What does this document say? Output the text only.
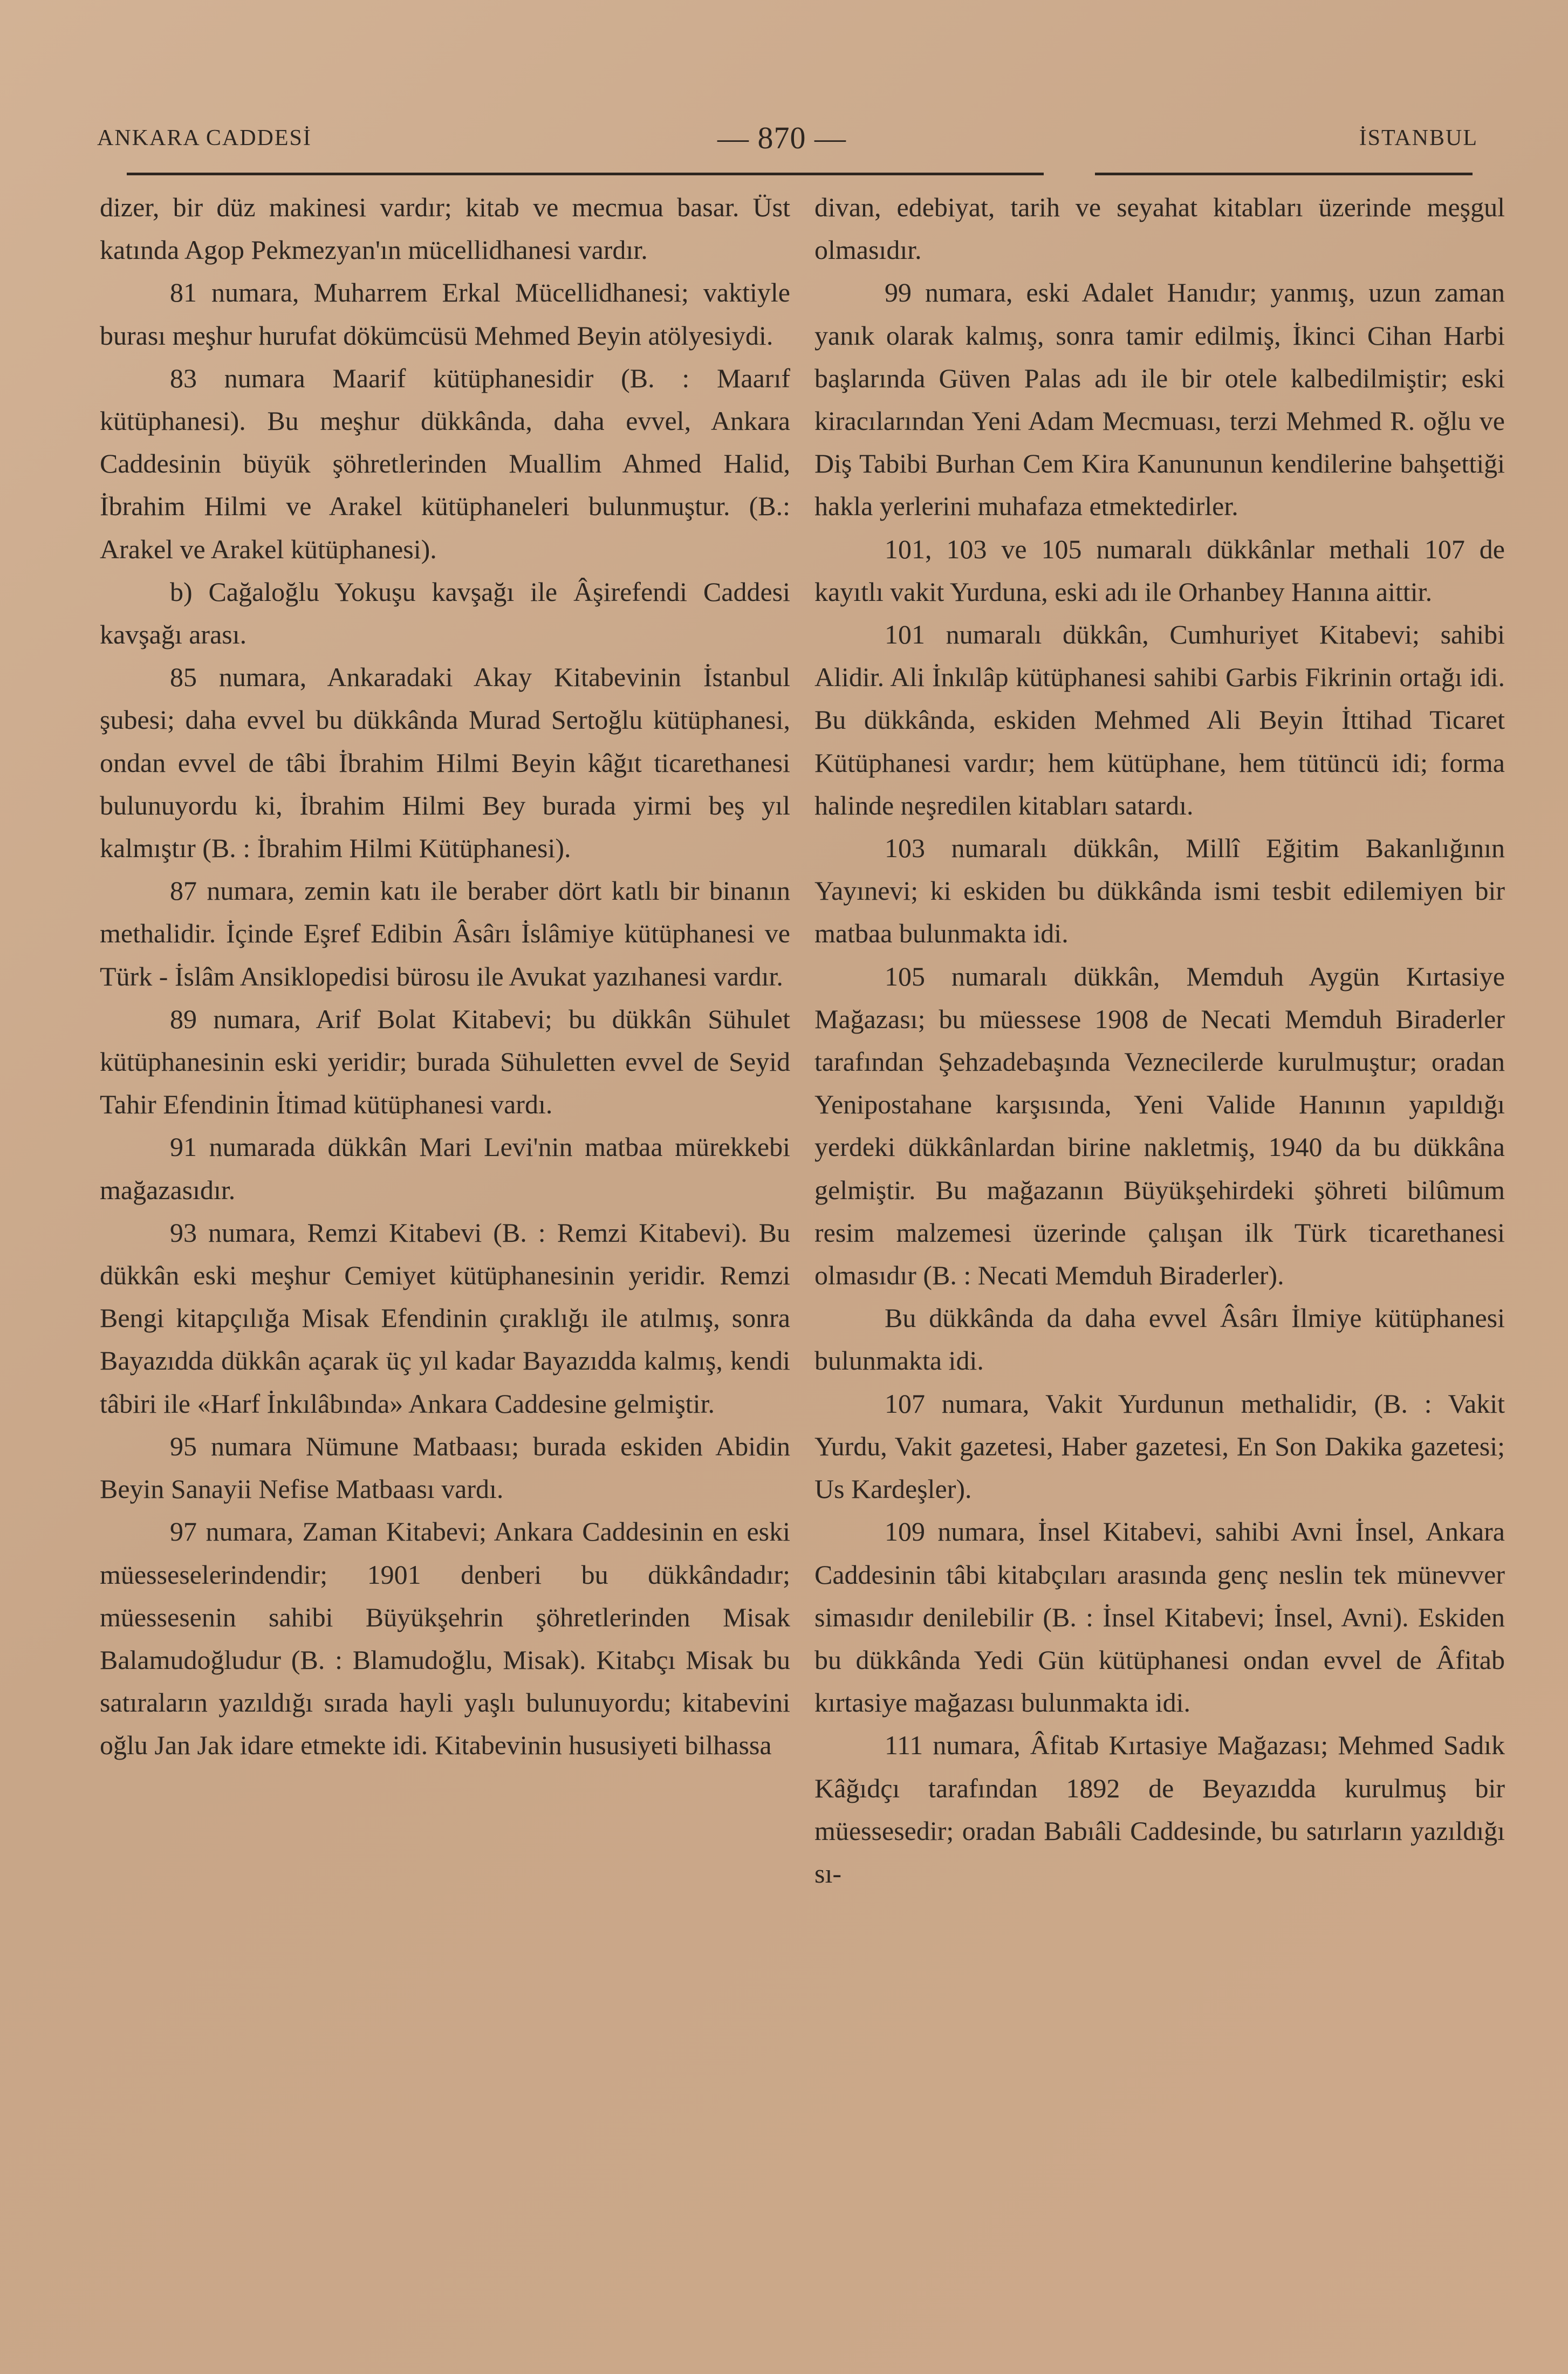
ANKARA CADDESİ	— 870 —	İSTANBUL

dizer, bir düz makinesi vardır; kitab ve mecmua basar. Üst katında Agop Pekmezyan'ın mücellidhanesi vardır.

81 numara, Muharrem Erkal Mücellidhanesi; vaktiyle burası meşhur hurufat dökümcüsü Mehmed Beyin atölyesiydi.

83 numara Maarif kütüphanesidir (B. : Maarıf kütüphanesi). Bu meşhur dükkânda, daha evvel, Ankara Caddesinin büyük şöhretlerinden Muallim Ahmed Halid, İbrahim Hilmi ve Arakel kütüphaneleri bulunmuştur. (B.: Arakel ve Arakel kütüphanesi).

b) Cağaloğlu Yokuşu kavşağı ile Âşirefendi Caddesi kavşağı arası.

85 numara, Ankaradaki Akay Kitabevinin İstanbul şubesi; daha evvel bu dükkânda Murad Sertoğlu kütüphanesi, ondan evvel de tâbi İbrahim Hilmi Beyin kâğıt ticarethanesi bulunuyordu ki, İbrahim Hilmi Bey burada yirmi beş yıl kalmıştır (B. : İbrahim Hilmi Kütüphanesi).

87 numara, zemin katı ile beraber dört katlı bir binanın methalidir. İçinde Eşref Edibin Âsârı İslâmiye kütüphanesi ve Türk - İslâm Ansiklopedisi bürosu ile Avukat yazıhanesi vardır.

89 numara, Arif Bolat Kitabevi; bu dükkân Sühulet kütüphanesinin eski yeridir; burada Sühuletten evvel de Seyid Tahir Efendinin İtimad kütüphanesi vardı.

91 numarada dükkân Mari Levi'nin matbaa mürekkebi mağazasıdır.

93 numara, Remzi Kitabevi (B. : Remzi Kitabevi). Bu dükkân eski meşhur Cemiyet kütüphanesinin yeridir. Remzi Bengi kitapçılığa Misak Efendinin çıraklığı ile atılmış, sonra Bayazıdda dükkân açarak üç yıl kadar Bayazıdda kalmış, kendi tâbiri ile «Harf İnkılâbında» Ankara Caddesine gelmiştir.

95 numara Nümune Matbaası; burada eskiden Abidin Beyin Sanayii Nefise Matbaası vardı.

97 numara, Zaman Kitabevi; Ankara Caddesinin en eski müesseselerindendir; 1901 denberi bu dükkândadır; müessesenin sahibi Büyükşehrin şöhretlerinden Misak Balamudoğludur (B. : Blamudoğlu, Misak). Kitabçı Misak bu satıraların yazıldığı sırada hayli yaşlı bulunuyordu; kitabevini oğlu Jan Jak idare etmekte idi. Kitabevinin hususiyeti bilhassa

divan, edebiyat, tarih ve seyahat kitabları üzerinde meşgul olmasıdır.

99 numara, eski Adalet Hanıdır; yanmış, uzun zaman yanık olarak kalmış, sonra tamir edilmiş, İkinci Cihan Harbi başlarında Güven Palas adı ile bir otele kalbedilmiştir; eski kiracılarından Yeni Adam Mecmuası, terzi Mehmed R. oğlu ve Diş Tabibi Burhan Cem Kira Kanununun kendilerine bahşettiği hakla yerlerini muhafaza etmektedirler.

101, 103 ve 105 numaralı dükkânlar methali 107 de kayıtlı vakit Yurduna, eski adı ile Orhanbey Hanına aittir.

101 numaralı dükkân, Cumhuriyet Kitabevi; sahibi Alidir. Ali İnkılâp kütüphanesi sahibi Garbis Fikrinin ortağı idi. Bu dükkânda, eskiden Mehmed Ali Beyin İttihad Ticaret Kütüphanesi vardır; hem kütüphane, hem tütüncü idi; forma halinde neşredilen kitabları satardı.

103 numaralı dükkân, Millî Eğitim Bakanlığının Yayınevi; ki eskiden bu dükkânda ismi tesbit edilemiyen bir matbaa bulunmakta idi.

105 numaralı dükkân, Memduh Aygün Kırtasiye Mağazası; bu müessese 1908 de Necati Memduh Biraderler tarafından Şehzadebaşında Veznecilerde kurulmuştur; oradan Yenipostahane karşısında, Yeni Valide Hanının yapıldığı yerdeki dükkânlardan birine nakletmiş, 1940 da bu dükkâna gelmiştir. Bu mağazanın Büyükşehirdeki şöhreti bilûmum resim malzemesi üzerinde çalışan ilk Türk ticarethanesi olmasıdır (B. : Necati Memduh Biraderler).

Bu dükkânda da daha evvel Âsârı İlmiye kütüphanesi bulunmakta idi.

107 numara, Vakit Yurdunun methalidir, (B. : Vakit Yurdu, Vakit gazetesi, Haber gazetesi, En Son Dakika gazetesi; Us Kardeşler).

109 numara, İnsel Kitabevi, sahibi Avni İnsel, Ankara Caddesinin tâbi kitabçıları arasında genç neslin tek münevver simasıdır denilebilir (B. : İnsel Kitabevi; İnsel, Avni). Eskiden bu dükkânda Yedi Gün kütüphanesi ondan evvel de Âfitab kırtasiye mağazası bulunmakta idi.

111 numara, Âfitab Kırtasiye Mağazası; Mehmed Sadık Kâğıdçı tarafından 1892 de Beyazıdda kurulmuş bir müessesedir; oradan Babıâli Caddesinde, bu satırların yazıldığı sı-
